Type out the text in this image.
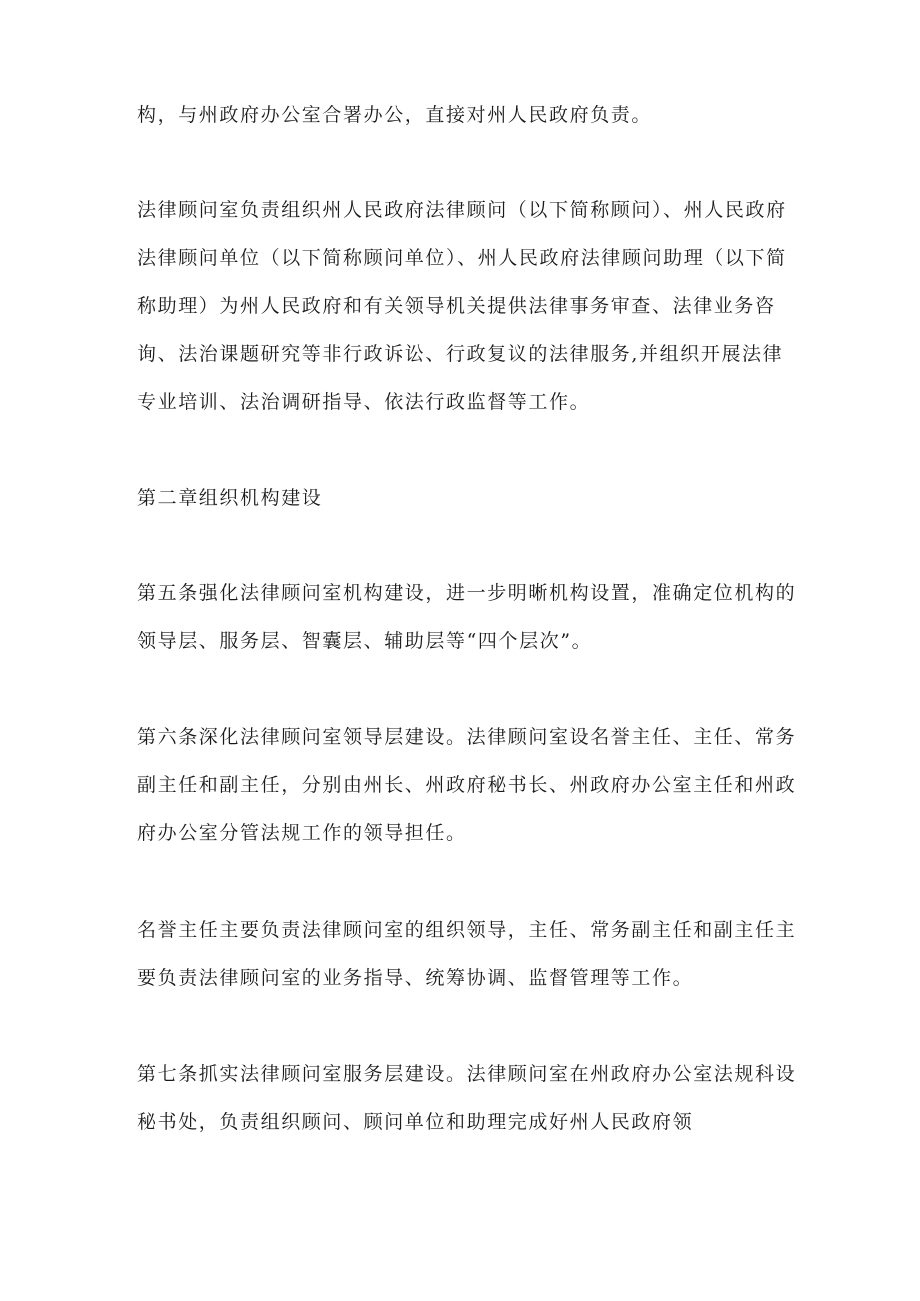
构，与州政府办公室合署办公，直接对州人民政府负责。

法律顾问室负责组织州人民政府法律顾问（以下简称顾问）、州人民政府法律顾问单位（以下简称顾问单位）、州人民政府法律顾问助理（以下简称助理）为州人民政府和有关领导机关提供法律事务审查、法律业务咨询、法治课题研究等非行政诉讼、行政复议的法律服务,并组织开展法律专业培训、法治调研指导、依法行政监督等工作。

第二章组织机构建设

第五条强化法律顾问室机构建设，进一步明晰机构设置，准确定位机构的领导层、服务层、智囊层、辅助层等“四个层次”。

第六条深化法律顾问室领导层建设。法律顾问室设名誉主任、主任、常务副主任和副主任，分别由州长、州政府秘书长、州政府办公室主任和州政府办公室分管法规工作的领导担任。

名誉主任主要负责法律顾问室的组织领导，主任、常务副主任和副主任主要负责法律顾问室的业务指导、统筹协调、监督管理等工作。

第七条抓实法律顾问室服务层建设。法律顾问室在州政府办公室法规科设秘书处，负责组织顾问、顾问单位和助理完成好州人民政府领
